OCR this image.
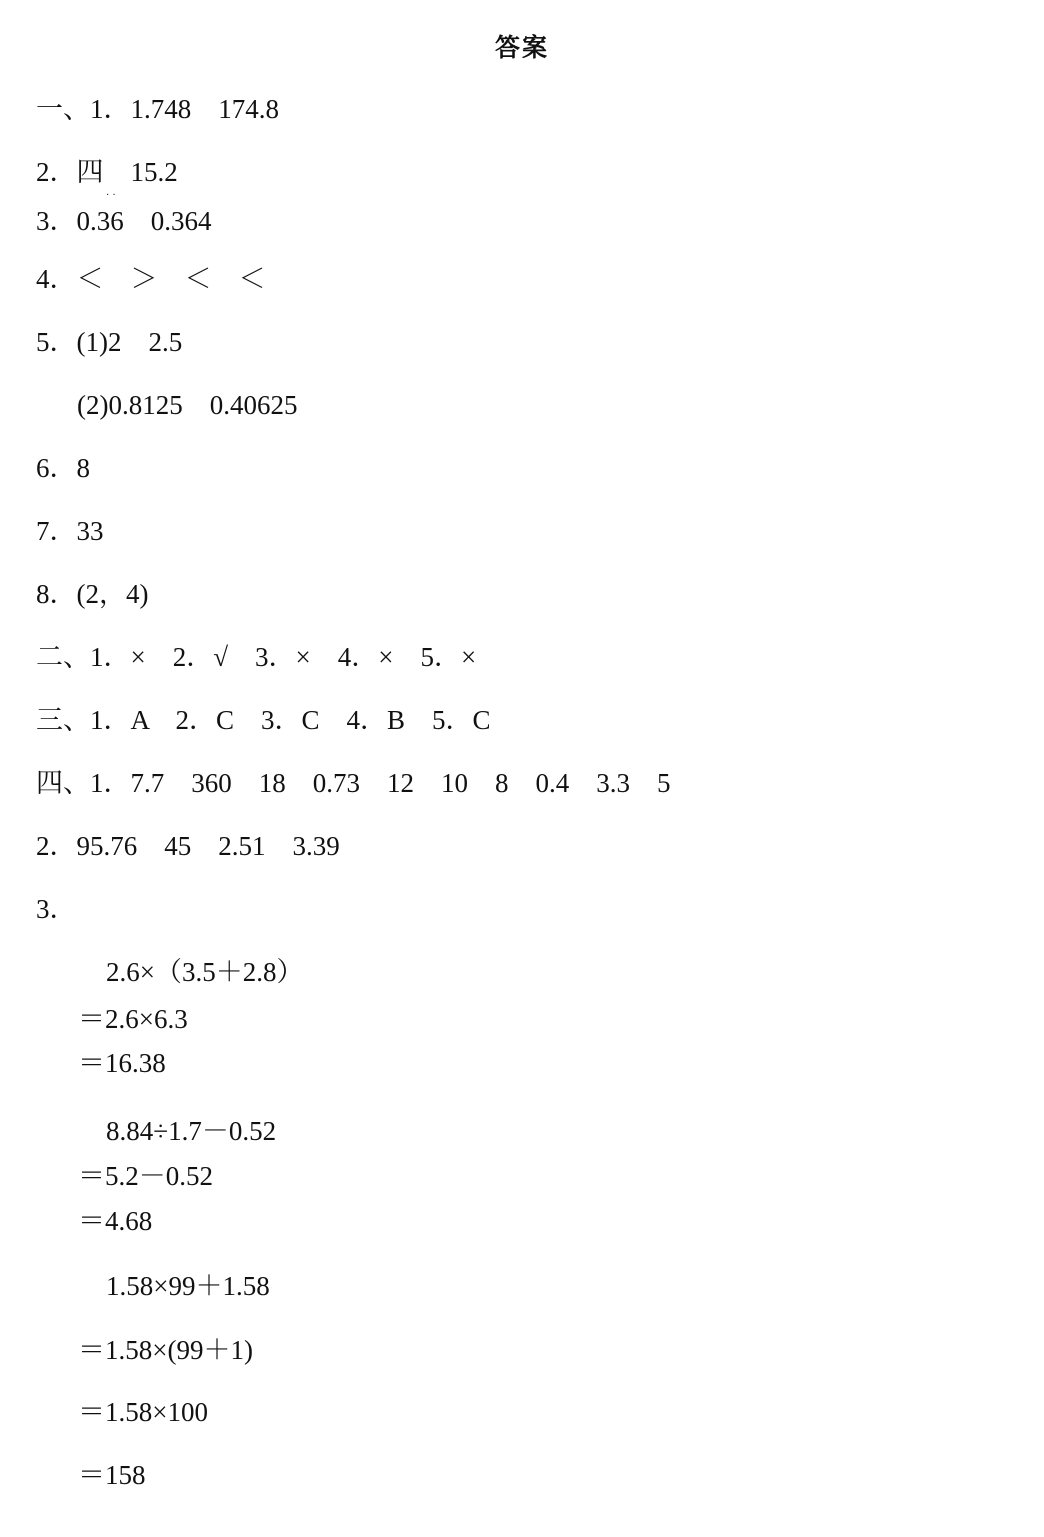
答案
一、1．1.748　174.8
2．四　15.2
··
3．0.36　0.364
4．＜　＞　＜　＜
5．(1)2　2.5
(2)0.8125　0.40625
6．8
7．33
8．(2，4)
二、1．×　2．√　3．×　4．×　5．×
三、1．A　2．C　3．C　4．B　5．C
四、1．7.7　360　18　0.73　12　10　8　0.4　3.3　5
2．95.76　45　2.51　3.39
3．
2.6×（3.5＋2.8）
＝2.6×6.3
＝16.38
8.84÷1.7－0.52
＝5.2－0.52
＝4.68
1.58×99＋1.58
＝1.58×(99＋1)
＝1.58×100
＝158
